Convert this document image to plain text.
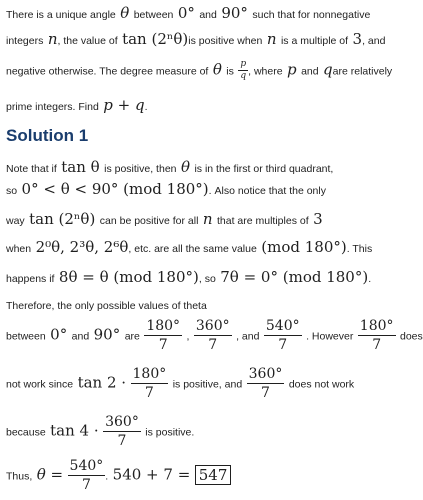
There is a unique angle θ between 0° and 90° such that for nonnegative
integers n, the value of tan (2ⁿθ)is positive when n is a multiple of 3, and
negative otherwise. The degree measure of θ is $\frac{p}{q}$ , where p and qare relatively
prime integers. Find p + q.
Solution 1
Note that if tan θ is positive, then θ is in the first or third quadrant,
so 0° < θ < 90° (mod 180°). Also notice that the only
way tan (2ⁿθ) can be positive for all n that are multiples of 3
when 2⁰θ, 2³θ, 2⁶θ, etc. are all the same value (mod 180°). This
happens if 8θ = θ (mod 180°), so 7θ = 0° (mod 180°).
Therefore, the only possible values of theta
between 0° and 90° are $\frac{180^\circ}{7}$ , $\frac{360^\circ}{7}$ , and $\frac{540^\circ}{7}$ . However $\frac{180^\circ}{7}$ does
not work since $\tan 2 \cdot \frac{180^\circ}{7}$ is positive, and $\frac{360^\circ}{7}$ does not work
because $\tan 4 \cdot \frac{360^\circ}{7}$ is positive.
Thus, $\theta = \frac{540^\circ}{7}$ . 540 + 7 = 547
